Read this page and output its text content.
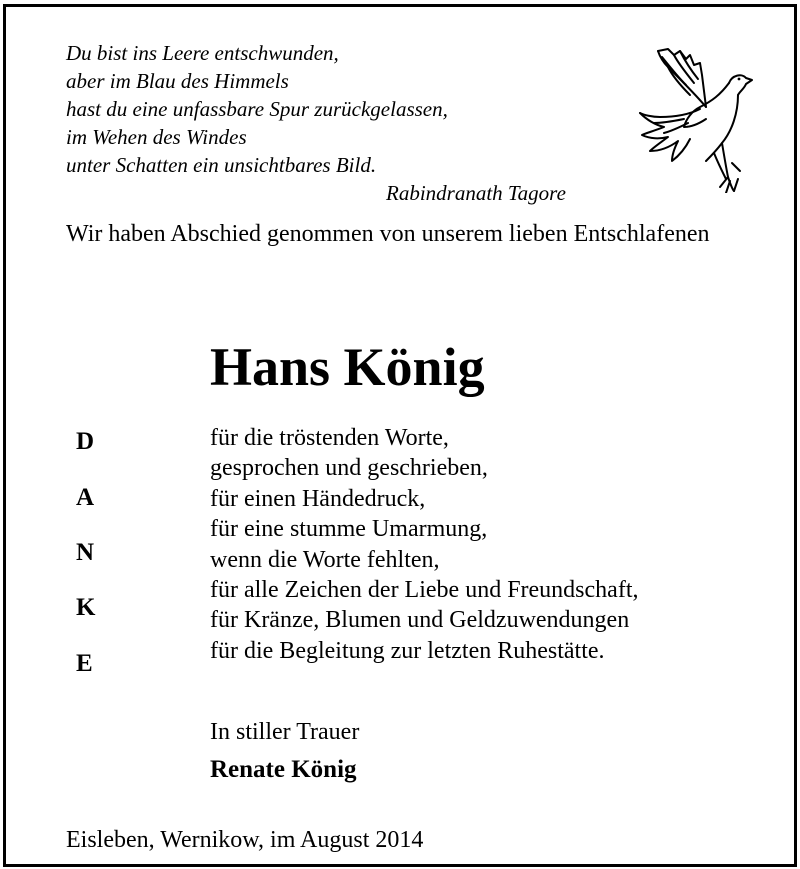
Du bist ins Leere entschwunden,
aber im Blau des Himmels
hast du eine unfassbare Spur zurückgelassen,
im Wehen des Windes
unter Schatten ein unsichtbares Bild.
Rabindranath Tagore
Wir haben Abschied genommen von unserem lieben Entschlafenen
Hans König
D
A
N
K
E
für die tröstenden Worte,
gesprochen und geschrieben,
für einen Händedruck,
für eine stumme Umarmung,
wenn die Worte fehlten,
für alle Zeichen der Liebe und Freundschaft,
für Kränze, Blumen und Geldzuwendungen
für die Begleitung zur letzten Ruhestätte.
In stiller Trauer
Renate König
Eisleben, Wernikow, im August 2014
